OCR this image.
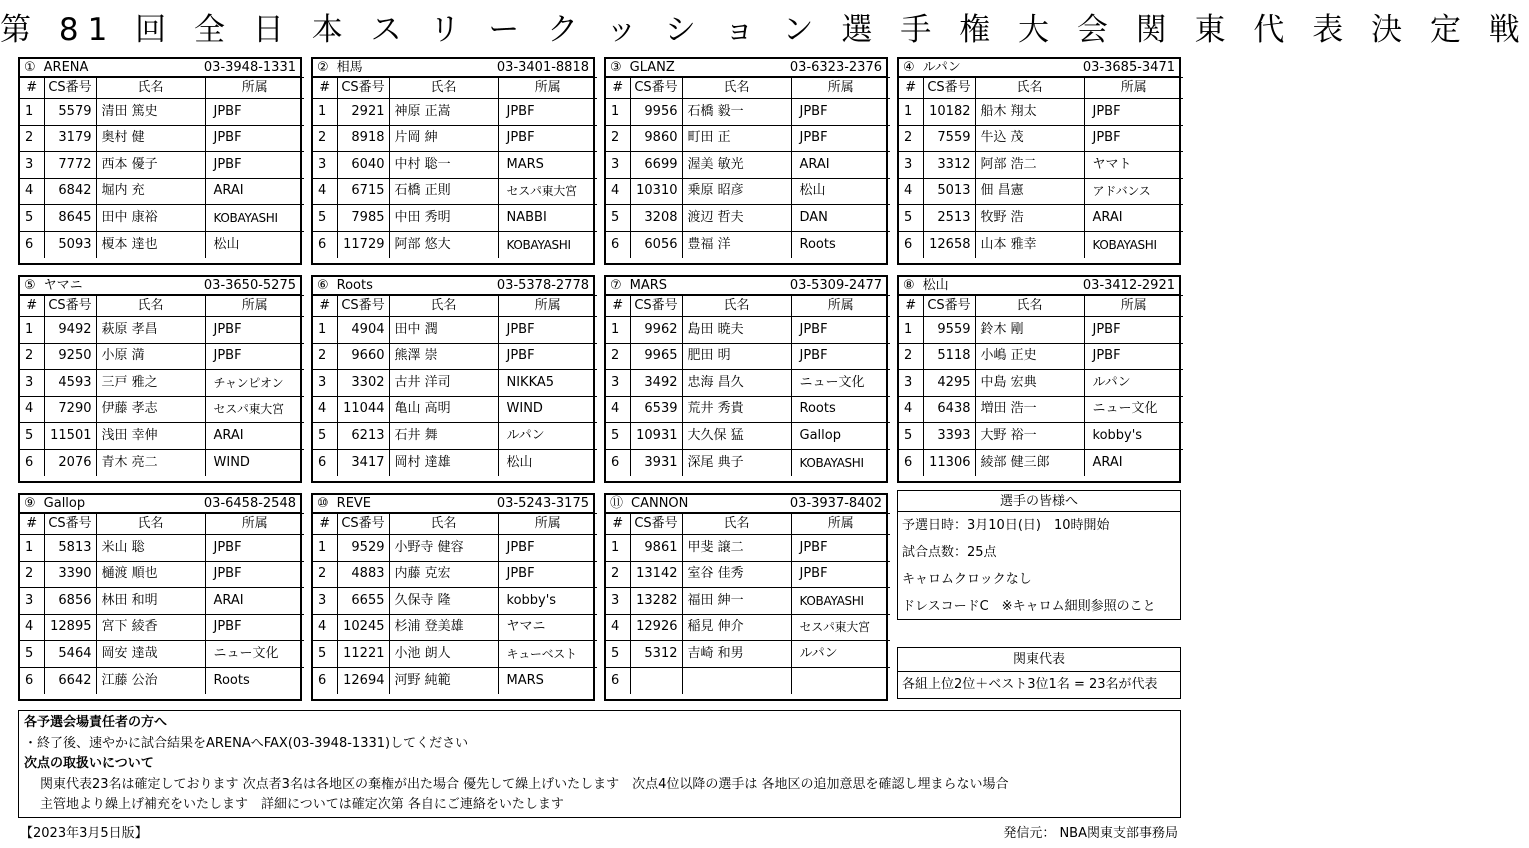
第 81 回 全 日 本 ス リ ー ク ッ シ ョ ン 選 手 権 大 会 関 東 代 表 決 定 戦
① ARENA	03-3948-1331
#	CS番号	氏名	所属
1	5579	清田 篤史	JPBF
2	3179	奥村 健	JPBF
3	7772	西本 優子	JPBF
4	6842	堀内 充	ARAI
5	8645	田中 康裕	KOBAYASHI
6	5093	榎本 達也	松山
② 相馬	03-3401-8818
#	CS番号	氏名	所属
1	2921	神原 正嵩	JPBF
2	8918	片岡 紳	JPBF
3	6040	中村 聡一	MARS
4	6715	石橋 正則	セスパ東大宮
5	7985	中田 秀明	NABBI
6	11729	阿部 悠大	KOBAYASHI
③ GLANZ	03-6323-2376
#	CS番号	氏名	所属
1	9956	石橋 毅一	JPBF
2	9860	町田 正	JPBF
3	6699	渥美 敏光	ARAI
4	10310	乗原 昭彦	松山
5	3208	渡辺 哲夫	DAN
6	6056	豊福 洋	Roots
④ ルパン	03-3685-3471
#	CS番号	氏名	所属
1	10182	船木 翔太	JPBF
2	7559	牛込 茂	JPBF
3	3312	阿部 浩二	ヤマト
4	5013	佃 昌憲	アドバンス
5	2513	牧野 浩	ARAI
6	12658	山本 雅幸	KOBAYASHI
⑤ ヤマニ	03-3650-5275
#	CS番号	氏名	所属
1	9492	萩原 孝昌	JPBF
2	9250	小原 満	JPBF
3	4593	三戸 雅之	チャンピオン
4	7290	伊藤 孝志	セスパ東大宮
5	11501	浅田 幸伸	ARAI
6	2076	青木 亮二	WIND
⑥ Roots	03-5378-2778
#	CS番号	氏名	所属
1	4904	田中 潤	JPBF
2	9660	熊澤 崇	JPBF
3	3302	古井 洋司	NIKKA5
4	11044	亀山 高明	WIND
5	6213	石井 舞	ルパン
6	3417	岡村 達雄	松山
⑦ MARS	03-5309-2477
#	CS番号	氏名	所属
1	9962	島田 暁夫	JPBF
2	9965	肥田 明	JPBF
3	3492	忠海 昌久	ニュー文化
4	6539	荒井 秀貴	Roots
5	10931	大久保 猛	Gallop
6	3931	深尾 典子	KOBAYASHI
⑧ 松山	03-3412-2921
#	CS番号	氏名	所属
1	9559	鈴木 剛	JPBF
2	5118	小嶋 正史	JPBF
3	4295	中島 宏典	ルパン
4	6438	増田 浩一	ニュー文化
5	3393	大野 裕一	kobby's
6	11306	綾部 健三郎	ARAI
⑨ Gallop	03-6458-2548
#	CS番号	氏名	所属
1	5813	米山 聡	JPBF
2	3390	樋渡 順也	JPBF
3	6856	林田 和明	ARAI
4	12895	宮下 綾香	JPBF
5	5464	岡安 達哉	ニュー文化
6	6642	江藤 公治	Roots
⑩ REVE	03-5243-3175
#	CS番号	氏名	所属
1	9529	小野寺 健容	JPBF
2	4883	内藤 克宏	JPBF
3	6655	久保寺 隆	kobby's
4	10245	杉浦 登美雄	ヤマニ
5	11221	小池 朗人	キューベスト
6	12694	河野 純範	MARS
⑪ CANNON	03-3937-8402
#	CS番号	氏名	所属
1	9861	甲斐 譲二	JPBF
2	13142	室谷 佳秀	JPBF
3	13282	福田 紳一	KOBAYASHI
4	12926	稲見 伸介	セスパ東大宮
5	5312	吉崎 和男	ルパン
6			
選手の皆様へ
予選日時：3月10日(日)　10時開始
試合点数：25点
キャロムクロックなし
ドレスコードC　※キャロム細則参照のこと
関東代表
各組上位2位＋ベスト3位1名 = 23名が代表
各予選会場責任者の方へ
・終了後、速やかに試合結果をARENAへFAX(03-3948-1331)してください
次点の取扱いについて
関東代表23名は確定しております 次点者3名は各地区の棄権が出た場合 優先して繰上げいたします　次点4位以降の選手は 各地区の追加意思を確認し埋まらない場合
主管地より繰上げ補充をいたします　詳細については確定次第 各自にご連絡をいたします
【2023年3月5日版】	発信元： NBA関東支部事務局
